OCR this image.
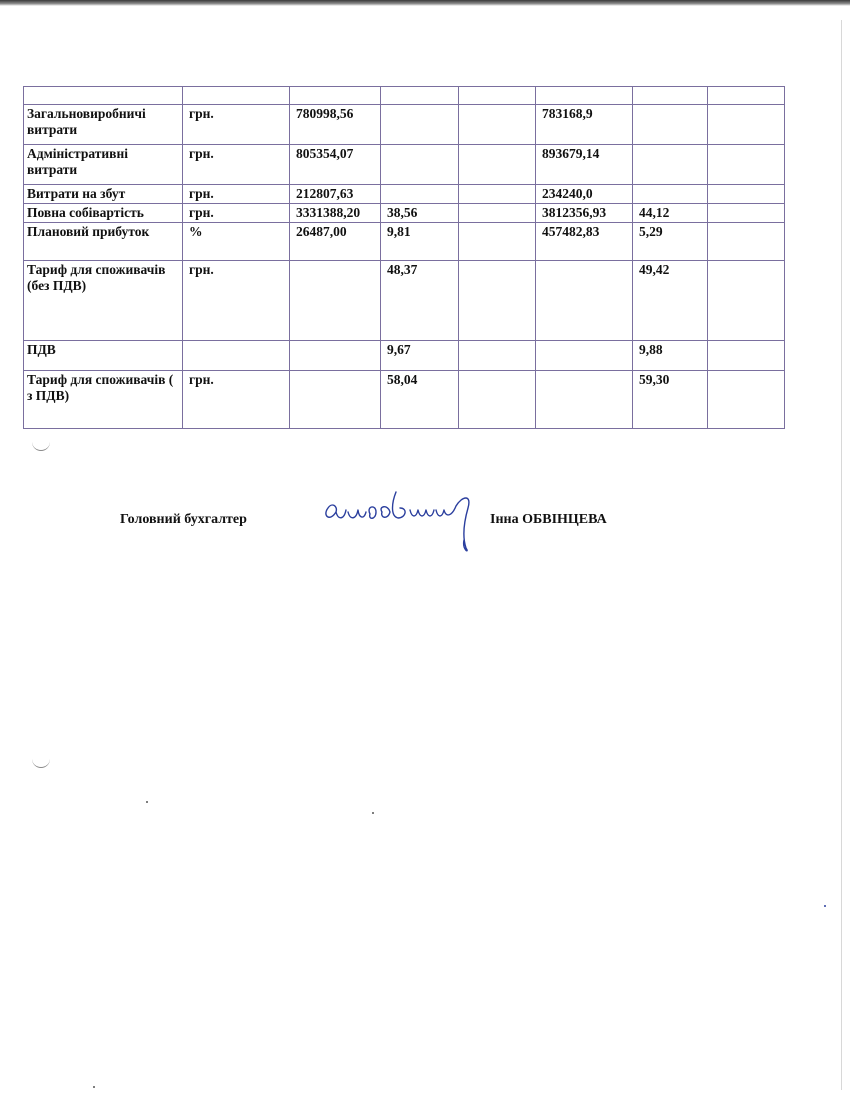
Загальновиробничі витрати	грн.	780998,56			783168,9		
Адміністративні витрати	грн.	805354,07			893679,14		
Витрати на збут	грн.	212807,63			234240,0		
Повна собівартість	грн.	3331388,20	38,56		3812356,93	44,12	
Плановий прибуток	%	26487,00	9,81		457482,83	5,29	
Тариф для споживачів (без ПДВ)	грн.		48,37			49,42	
ПДВ			9,67			9,88	
Тариф для споживачів ( з ПДВ)	грн.		58,04			59,30	
Головний бухгалтер	Інна ОБВІНЦЕВА
